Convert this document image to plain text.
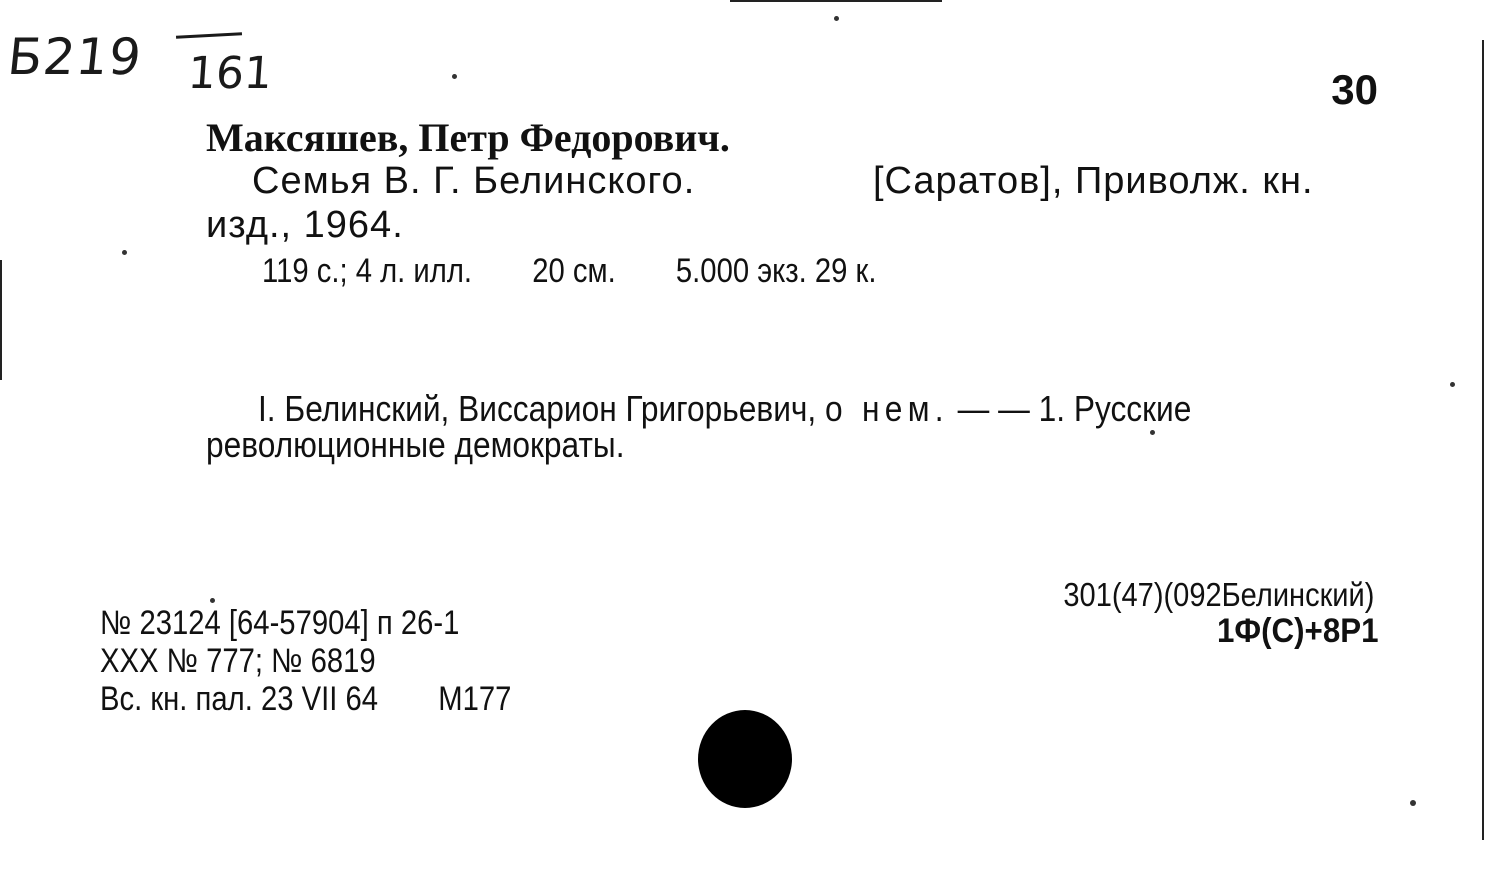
Б219 161	30
Максяшев, Петр Федорович.
Семья В. Г. Белинского.	[Саратов], Приволж. кн.
изд., 1964.
119 с.; 4 л. илл. 20 см. 5.000 экз. 29 к.
I. Белинский, Виссарион Григорьевич, о нем. — — 1. Русские
революционные демократы.
301(47)(092Белинский)
1Ф(С)+8Р1
№ 23124 [64-57904] п 26-1
ХХХ № 777; № 6819
Вс. кн. пал. 23 VII 64 М177
